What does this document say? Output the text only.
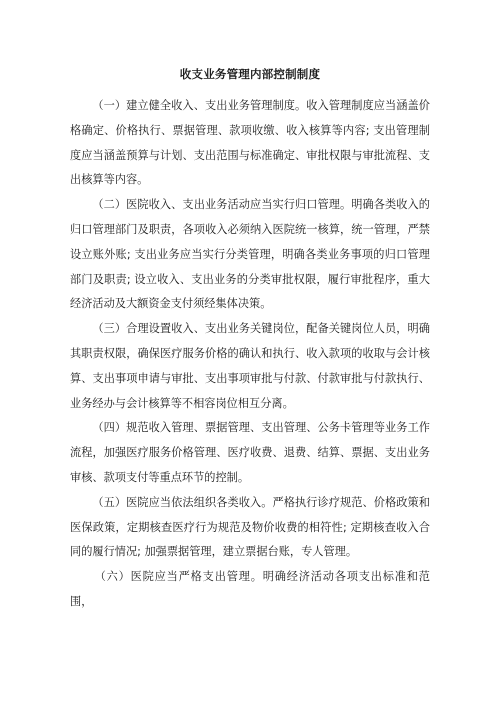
收支业务管理内部控制制度

（一）建立健全收入、支出业务管理制度。收入管理制度应当涵盖价格确定、价格执行、票据管理、款项收缴、收入核算等内容; 支出管理制度应当涵盖预算与计划、支出范围与标准确定、审批权限与审批流程、支出核算等内容。

（二）医院收入、支出业务活动应当实行归口管理。明确各类收入的归口管理部门及职责，各项收入必须纳入医院统一核算，统一管理，严禁设立账外账; 支出业务应当实行分类管理，明确各类业务事项的归口管理部门及职责; 设立收入、支出业务的分类审批权限，履行审批程序，重大经济活动及大额资金支付须经集体决策。

（三）合理设置收入、支出业务关键岗位，配备关键岗位人员，明确其职责权限，确保医疗服务价格的确认和执行、收入款项的收取与会计核算、支出事项申请与审批、支出事项审批与付款、付款审批与付款执行、业务经办与会计核算等不相容岗位相互分离。

（四）规范收入管理、票据管理、支出管理、公务卡管理等业务工作流程，加强医疗服务价格管理、医疗收费、退费、结算、票据、支出业务审核、款项支付等重点环节的控制。

（五）医院应当依法组织各类收入。严格执行诊疗规范、价格政策和医保政策，定期核查医疗行为规范及物价收费的相符性; 定期核查收入合同的履行情况; 加强票据管理，建立票据台账，专人管理。

（六）医院应当严格支出管理。明确经济活动各项支出标准和范围，
